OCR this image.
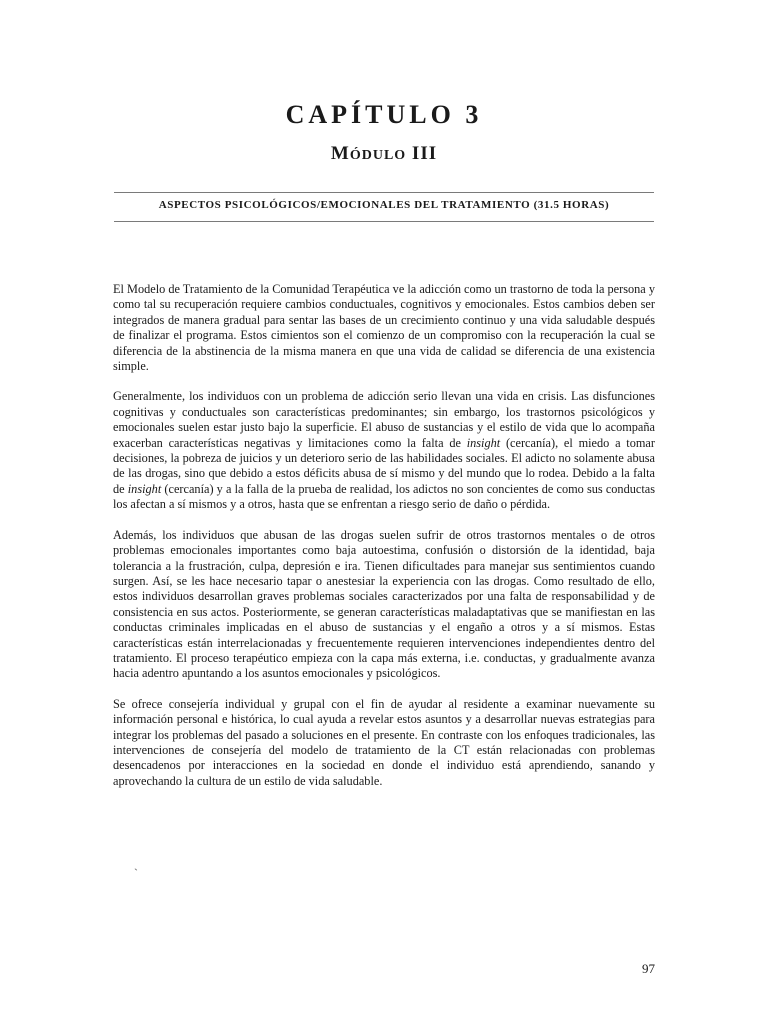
CAPÍTULO 3
MÓDULO III
ASPECTOS PSICOLÓGICOS/EMOCIONALES DEL TRATAMIENTO (31.5 HORAS)

El Modelo de Tratamiento de la Comunidad Terapéutica ve la adicción como un trastorno de toda la persona y como tal su recuperación requiere cambios conductuales, cognitivos y emocionales. Estos cambios deben ser integrados de manera gradual para sentar las bases de un crecimiento continuo y una vida saludable después de finalizar el programa. Estos cimientos son el comienzo de un compromiso con la recuperación la cual se diferencia de la abstinencia de la misma manera en que una vida de calidad se diferencia de una existencia simple.

Generalmente, los individuos con un problema de adicción serio llevan una vida en crisis. Las disfunciones cognitivas y conductuales son características predominantes; sin embargo, los trastornos psicológicos y emocionales suelen estar justo bajo la superficie. El abuso de sustancias y el estilo de vida que lo acompaña exacerban características negativas y limitaciones como la falta de insight (cercanía), el miedo a tomar decisiones, la pobreza de juicios y un deterioro serio de las habilidades sociales. El adicto no solamente abusa de las drogas, sino que debido a estos déficits abusa de sí mismo y del mundo que lo rodea. Debido a la falta de insight (cercanía) y a la falla de la prueba de realidad, los adictos no son concientes de como sus conductas los afectan a sí mismos y a otros, hasta que se enfrentan a riesgo serio de daño o pérdida.

Además, los individuos que abusan de las drogas suelen sufrir de otros trastornos mentales o de otros problemas emocionales importantes como baja autoestima, confusión o distorsión de la identidad, baja tolerancia a la frustración, culpa, depresión e ira. Tienen dificultades para manejar sus sentimientos cuando surgen. Así, se les hace necesario tapar o anestesiar la experiencia con las drogas. Como resultado de ello, estos individuos desarrollan graves problemas sociales caracterizados por una falta de responsabilidad y de consistencia en sus actos. Posteriormente, se generan características maladaptativas que se manifiestan en las conductas criminales implicadas en el abuso de sustancias y el engaño a otros y a sí mismos. Estas características están interrelacionadas y frecuentemente requieren intervenciones independientes dentro del tratamiento. El proceso terapéutico empieza con la capa más externa, i.e. conductas, y gradualmente avanza hacia adentro apuntando a los asuntos emocionales y psicológicos.

Se ofrece consejería individual y grupal con el fin de ayudar al residente a examinar nuevamente su información personal e histórica, lo cual ayuda a revelar estos asuntos y a desarrollar nuevas estrategias para integrar los problemas del pasado a soluciones en el presente. En contraste con los enfoques tradicionales, las intervenciones de consejería del modelo de tratamiento de la CT están relacionadas con problemas desencadenos por interacciones en la sociedad en donde el individuo está aprendiendo, sanando y aprovechando la cultura de un estilo de vida saludable.

`
97
